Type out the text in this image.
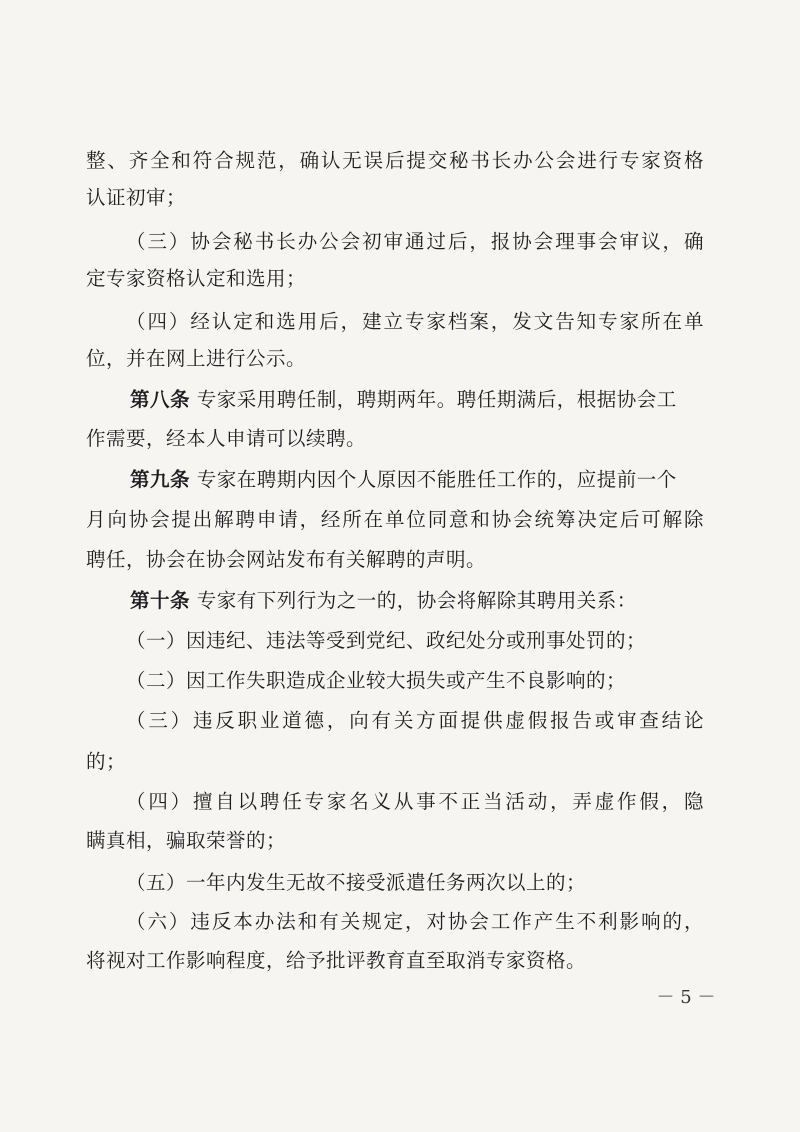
整、齐全和符合规范，确认无误后提交秘书长办公会进行专家资格
认证初审；
（三）协会秘书长办公会初审通过后，报协会理事会审议，确
定专家资格认定和选用；
（四）经认定和选用后，建立专家档案，发文告知专家所在单
位，并在网上进行公示。
第八条 专家采用聘任制，聘期两年。聘任期满后，根据协会工
作需要，经本人申请可以续聘。
第九条 专家在聘期内因个人原因不能胜任工作的，应提前一个
月向协会提出解聘申请，经所在单位同意和协会统筹决定后可解除
聘任，协会在协会网站发布有关解聘的声明。
第十条 专家有下列行为之一的，协会将解除其聘用关系：
（一）因违纪、违法等受到党纪、政纪处分或刑事处罚的；
（二）因工作失职造成企业较大损失或产生不良影响的；
（三）违反职业道德，向有关方面提供虚假报告或审查结论
的；
（四）擅自以聘任专家名义从事不正当活动，弄虚作假，隐
瞒真相，骗取荣誉的；
（五）一年内发生无故不接受派遣任务两次以上的；
（六）违反本办法和有关规定，对协会工作产生不利影响的，
将视对工作影响程度，给予批评教育直至取消专家资格。
－ 5 －
